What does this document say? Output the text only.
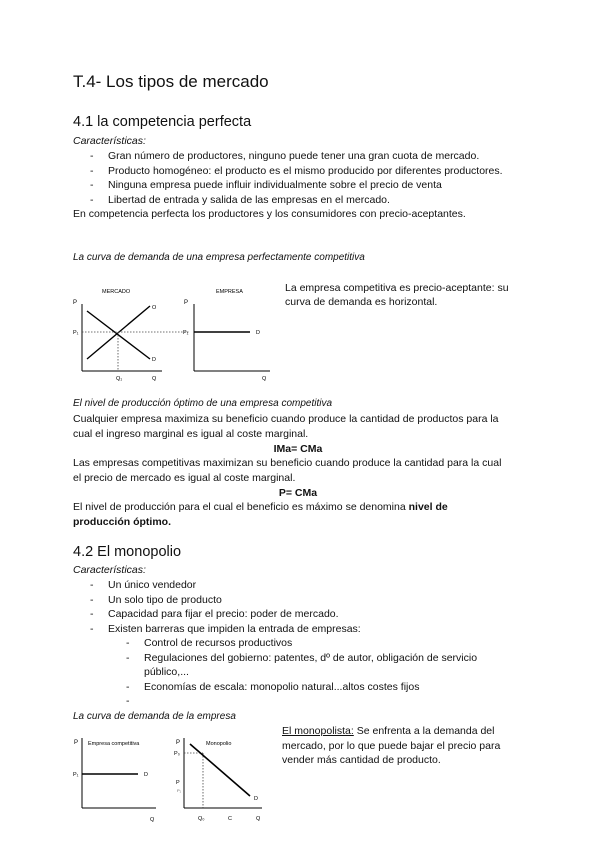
T.4- Los tipos de mercado
4.1 la competencia perfecta
Características:
- Gran número de productores, ninguno puede tener una gran cuota de mercado.
- Producto homogéneo: el producto es el mismo producido por diferentes productores.
- Ninguna empresa puede influir individualmente sobre el precio de venta
- Libertad de entrada y salida de las empresas en el mercado.
En competencia perfecta los productores y los consumidores con precio-aceptantes.
La curva de demanda de una empresa perfectamente competitiva
MERCADO	EMPRESA
P
P₁
O
D
Q₁	Q
P
P₁	D
Q
La empresa competitiva es precio-aceptante: su
curva de demanda es horizontal.
El nivel de producción óptimo de una empresa competitiva
Cualquier empresa maximiza su beneficio cuando produce la cantidad de productos para la
cual el ingreso marginal es igual al coste marginal.
IMa= CMa
Las empresas competitivas maximizan su beneficio cuando produce la cantidad para la cual
el precio de mercado es igual al coste marginal.
P= CMa
El nivel de producción para el cual el beneficio es máximo se denomina nivel de
producción óptimo.
4.2 El monopolio
Características:
- Un único vendedor
- Un solo tipo de producto
- Capacidad para fijar el precio: poder de mercado.
- Existen barreras que impiden la entrada de empresas:
- Control de recursos productivos
- Regulaciones del gobierno: patentes, dº de autor, obligación de servicio
público,...
- Economías de escala: monopolio natural...altos costes fijos
-
La curva de demanda de la empresa
P Empresa competitiva
P₁	D
Q
P	Monopolio
P₀
P
P₁
D
Q₀	C	Q
El monopolista: Se enfrenta a la demanda del
mercado, por lo que puede bajar el precio para
vender más cantidad de producto.
